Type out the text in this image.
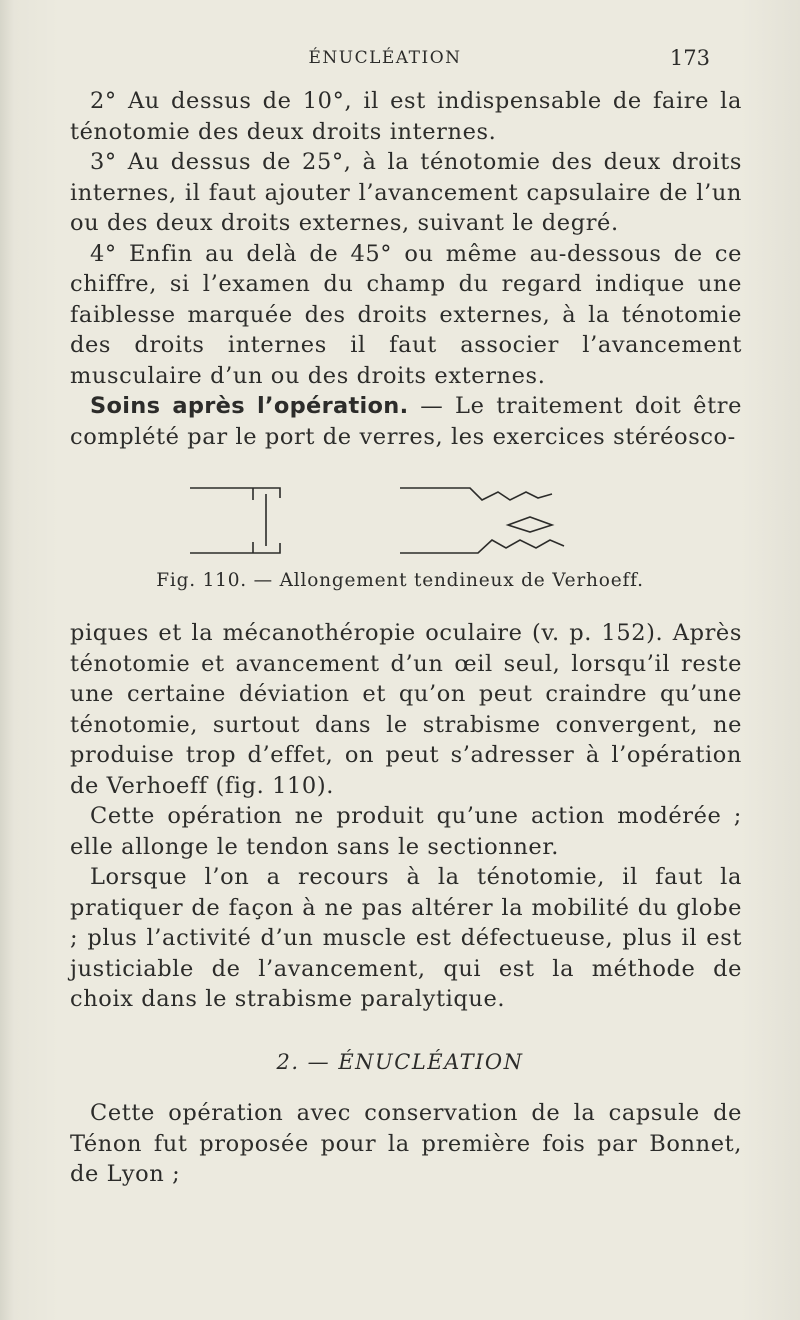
ÉNUCLÉATION	173

2° Au dessus de 10°, il est indispensable de faire la ténotomie des deux droits internes.

3° Au dessus de 25°, à la ténotomie des deux droits internes, il faut ajouter l’avancement capsulaire de l’un ou des deux droits externes, suivant le degré.

4° Enfin au delà de 45° ou même au-dessous de ce chiffre, si l’examen du champ du regard indique une faiblesse marquée des droits externes, à la ténotomie des droits internes il faut associer l’avancement musculaire d’un ou des droits externes.

Soins après l’opération. — Le traitement doit être complété par le port de verres, les exercices stéréosco-

Fig. 110. — Allongement tendineux de Verhoeff.

piques et la mécanothéropie oculaire (v. p. 152). Après ténotomie et avancement d’un œil seul, lorsqu’il reste une certaine déviation et qu’on peut craindre qu’une ténotomie, surtout dans le strabisme convergent, ne produise trop d’effet, on peut s’adresser à l’opération de Verhoeff (fig. 110).

Cette opération ne produit qu’une action modérée ; elle allonge le tendon sans le sectionner.

Lorsque l’on a recours à la ténotomie, il faut la pratiquer de façon à ne pas altérer la mobilité du globe ; plus l’activité d’un muscle est défectueuse, plus il est justiciable de l’avancement, qui est la méthode de choix dans le strabisme paralytique.

2. — ÉNUCLÉATION

Cette opération avec conservation de la capsule de Ténon fut proposée pour la première fois par Bonnet, de Lyon ;
